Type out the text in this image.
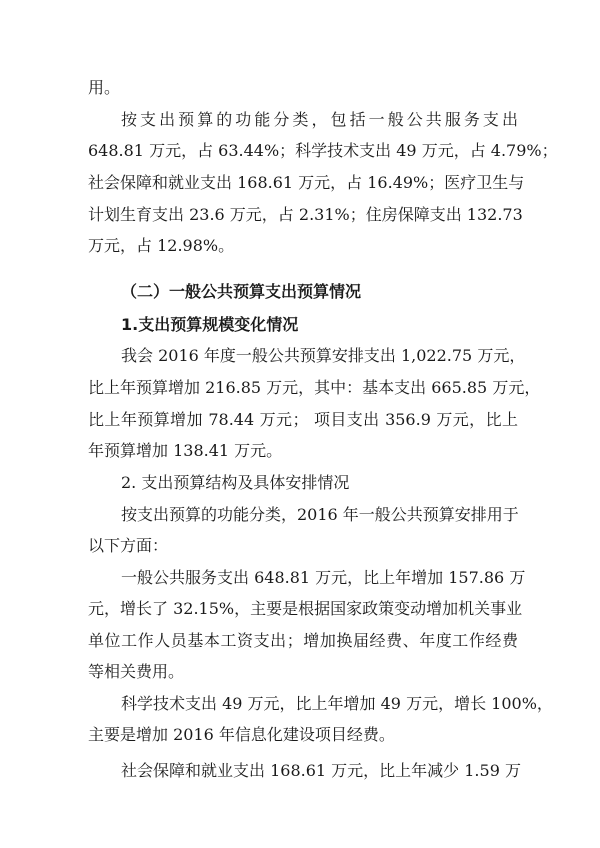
用。
按支出预算的功能分类，包括一般公共服务支出
648.81 万元，占 63.44%；科学技术支出 49 万元，占 4.79%；
社会保障和就业支出 168.61 万元，占 16.49%；医疗卫生与
计划生育支出 23.6 万元，占 2.31%；住房保障支出 132.73
万元，占 12.98%。
（二）一般公共预算支出预算情况
1.支出预算规模变化情况
我会 2016 年度一般公共预算安排支出 1,022.75 万元，
比上年预算增加 216.85 万元，其中：基本支出 665.85 万元，
比上年预算增加 78.44 万元； 项目支出 356.9 万元，比上
年预算增加 138.41 万元。
2. 支出预算结构及具体安排情况
按支出预算的功能分类，2016 年一般公共预算安排用于
以下方面：
一般公共服务支出 648.81 万元，比上年增加 157.86 万
元，增长了 32.15%，主要是根据国家政策变动增加机关事业
单位工作人员基本工资支出；增加换届经费、年度工作经费
等相关费用。
科学技术支出 49 万元，比上年增加 49 万元，增长 100%，
主要是增加 2016 年信息化建设项目经费。
社会保障和就业支出 168.61 万元，比上年减少 1.59 万
